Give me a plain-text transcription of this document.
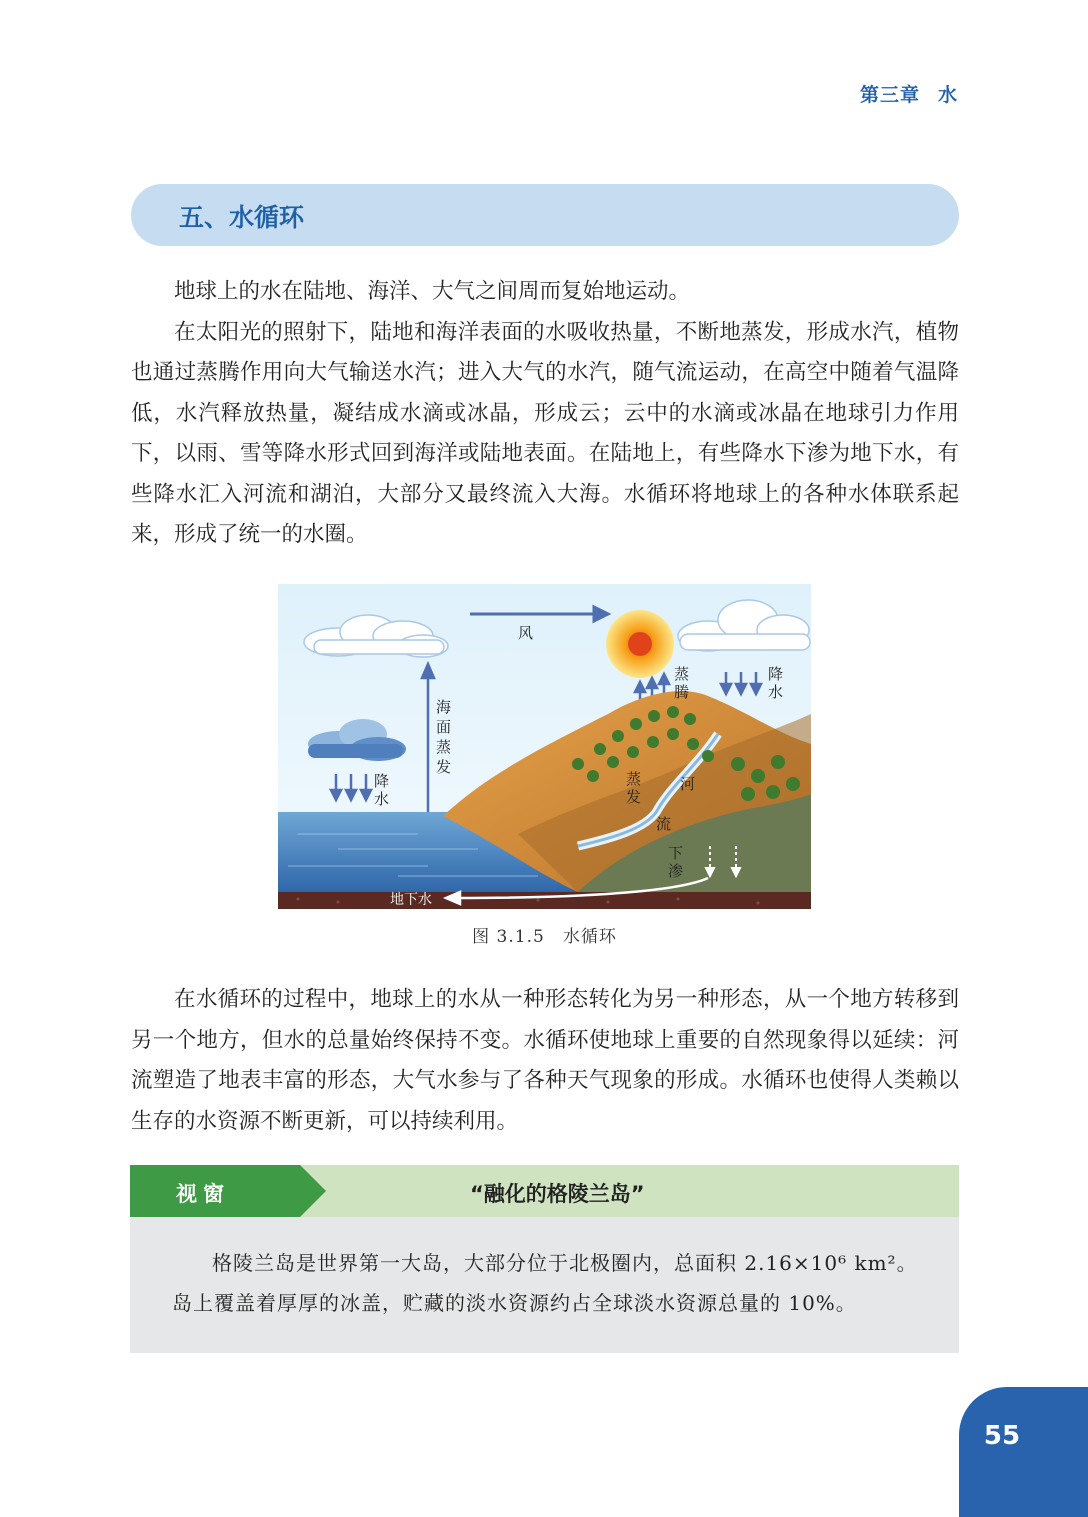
第三章 水
五、水循环

地球上的水在陆地、海洋、大气之间周而复始地运动。

在太阳光的照射下，陆地和海洋表面的水吸收热量，不断地蒸发，形成水汽，植物也通过蒸腾作用向大气输送水汽；进入大气的水汽，随气流运动，在高空中随着气温降低，水汽释放热量，凝结成水滴或冰晶，形成云；云中的水滴或冰晶在地球引力作用下，以雨、雪等降水形式回到海洋或陆地表面。在陆地上，有些降水下渗为地下水，有些降水汇入河流和湖泊，大部分又最终流入大海。水循环将地球上的各种水体联系起来，形成了统一的水圈。

风
海 面 蒸 发
降 水
蒸 腾
降 水
蒸 发
河 流
下 渗
地下水
图 3.1.5　水循环

在水循环的过程中，地球上的水从一种形态转化为另一种形态，从一个地方转移到另一个地方，但水的总量始终保持不变。水循环使地球上重要的自然现象得以延续：河流塑造了地表丰富的形态，大气水参与了各种天气现象的形成。水循环也使得人类赖以生存的水资源不断更新，可以持续利用。

视窗	“融化的格陵兰岛”

格陵兰岛是世界第一大岛，大部分位于北极圈内，总面积 2.16×10⁶ km²。

岛上覆盖着厚厚的冰盖，贮藏的淡水资源约占全球淡水资源总量的 10%。
55
